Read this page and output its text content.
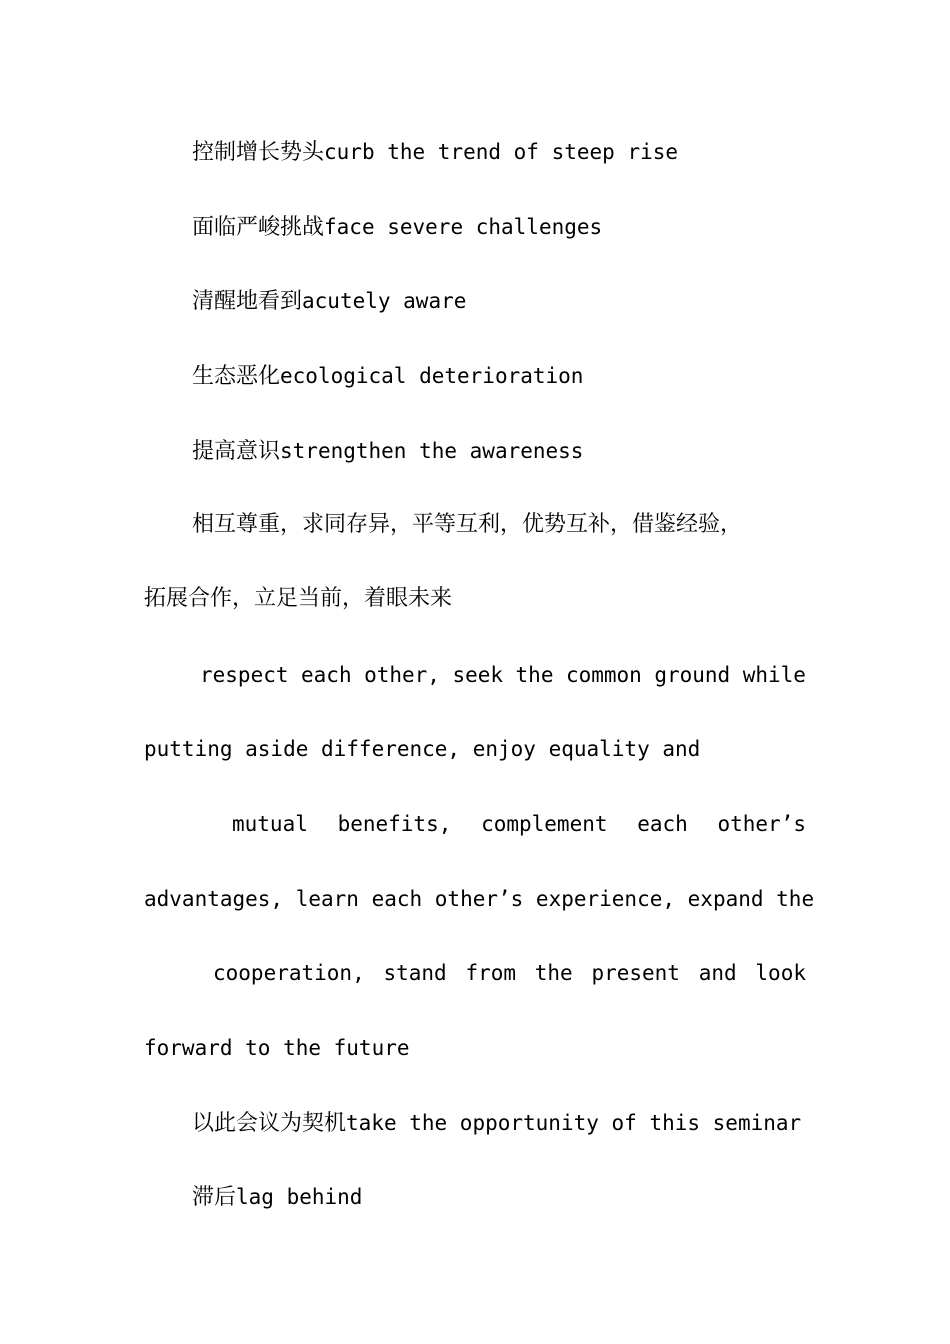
控制增长势头curb the trend of steep rise
面临严峻挑战face severe challenges
清醒地看到acutely aware
生态恶化ecological deterioration
提高意识strengthen the awareness
相互尊重，求同存异，平等互利，优势互补，借鉴经验，
拓展合作，立足当前，着眼未来
respect each other, seek the common ground while
putting aside difference, enjoy equality and
mutual benefits, complement each other’s
advantages, learn each other’s experience, expand the
cooperation, stand from the present and look
forward to the future
以此会议为契机take the opportunity of this seminar
滞后lag behind
